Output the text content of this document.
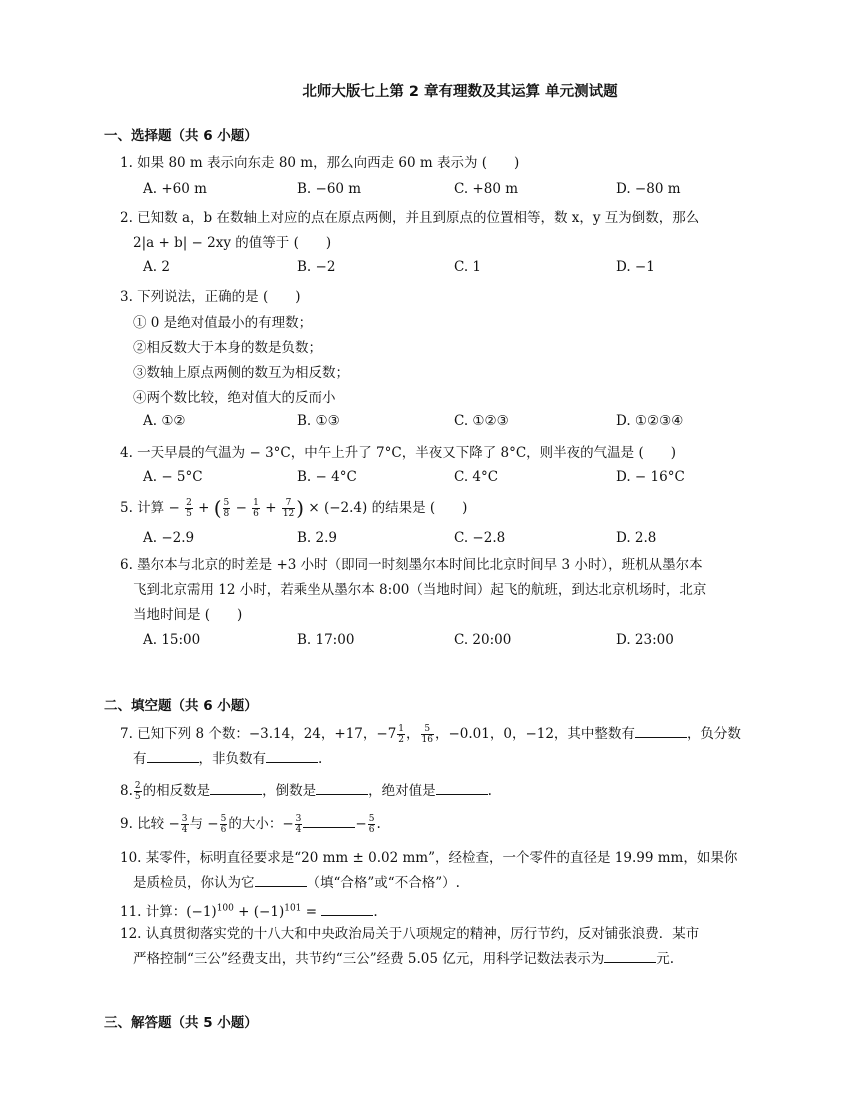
北师大版七上第 2 章有理数及其运算 单元测试题
一、选择题（共 6 小题）
1. 如果 80 m 表示向东走 80 m，那么向西走 60 m 表示为 (　　)
A. +60 m	B. −60 m	C. +80 m	D. −80 m
2. 已知数 a，b 在数轴上对应的点在原点两侧，并且到原点的位置相等，数 x，y 互为倒数，那么
2|a + b| − 2xy 的值等于 (　　)
A. 2	B. −2	C. 1	D. −1
3. 下列说法，正确的是 (　　)
① 0 是绝对值最小的有理数；
②相反数大于本身的数是负数；
③数轴上原点两侧的数互为相反数；
④两个数比较，绝对值大的反而小
A. ①②	B. ①③	C. ①②③	D. ①②③④
4. 一天早晨的气温为 − 3°C，中午上升了 7°C，半夜又下降了 8°C，则半夜的气温是 (　　)
A. − 5°C	B. − 4°C	C. 4°C	D. − 16°C
5. 计算 − $\frac{2}{5}$ + ( $\frac{5}{8} - \frac{1}{6} + \frac{7}{12}$ ) × (−2.4) 的结果是 (　　)
A. −2.9	B. 2.9	C. −2.8	D. 2.8
6. 墨尔本与北京的时差是 +3 小时（即同一时刻墨尔本时间比北京时间早 3 小时），班机从墨尔本
飞到北京需用 12 小时，若乘坐从墨尔本 8:00（当地时间）起飞的航班，到达北京机场时，北京
当地时间是 (　　)
A. 15:00	B. 17:00	C. 20:00	D. 23:00
二、填空题（共 6 小题）
7. 已知下列 8 个数：−3.14，24，+17，$-7 \frac{1}{2}$ ， $\frac{5}{16}$ ，−0.01，0，−12，其中整数有	，负分数
有	，非负数有	.
8. $\frac{2}{5}$ 的相反数是	，倒数是	，绝对值是	.
9. 比较 − $\frac{3}{4}$ 与 − $\frac{5}{6}$ 的大小：− $\frac{3}{4}$	− $\frac{5}{6}$ .
10. 某零件，标明直径要求是“20 mm ± 0.02 mm”，经检查，一个零件的直径是 19.99 mm，如果你
是质检员，你认为它	（填“合格”或“不合格”）.
11. 计算：$(-1)^{100} + (-1)^{101}$ =	.
12. 认真贯彻落实党的十八大和中央政治局关于八项规定的精神，厉行节约，反对铺张浪费．某市
严格控制“三公”经费支出，共节约“三公”经费 5.05 亿元，用科学记数法表示为	元.
三、解答题（共 5 小题）
